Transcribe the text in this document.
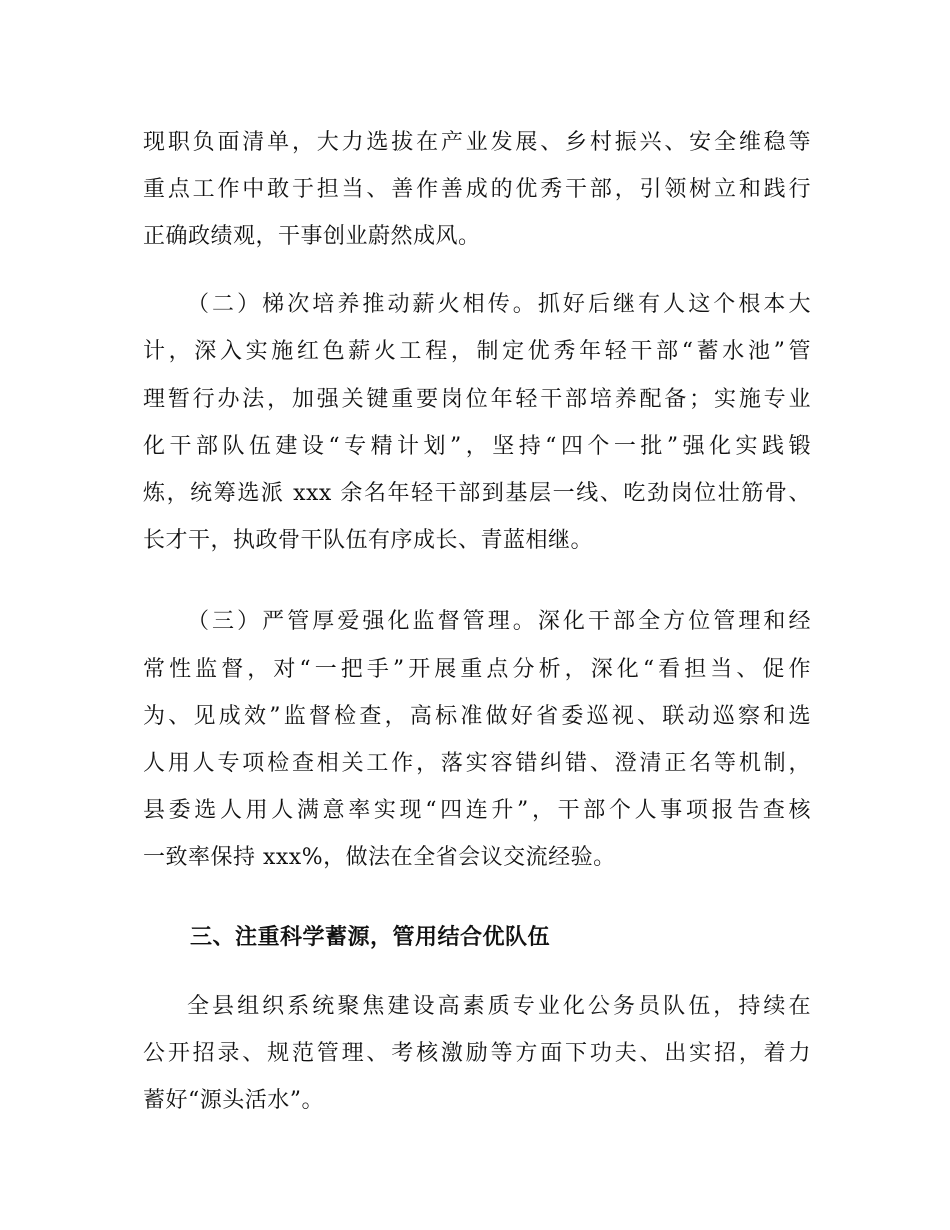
现职负面清单，大力选拔在产业发展、乡村振兴、安全维稳等
重点工作中敢于担当、善作善成的优秀干部，引领树立和践行
正确政绩观，干事创业蔚然成风。
（二）梯次培养推动薪火相传。抓好后继有人这个根本大
计，深入实施红色薪火工程，制定优秀年轻干部“蓄水池”管
理暂行办法，加强关键重要岗位年轻干部培养配备；实施专业
化干部队伍建设“专精计划”，坚持“四个一批”强化实践锻
炼，统筹选派 xxx 余名年轻干部到基层一线、吃劲岗位壮筋骨、
长才干，执政骨干队伍有序成长、青蓝相继。
（三）严管厚爱强化监督管理。深化干部全方位管理和经
常性监督，对“一把手”开展重点分析，深化“看担当、促作
为、见成效”监督检查，高标准做好省委巡视、联动巡察和选
人用人专项检查相关工作，落实容错纠错、澄清正名等机制，
县委选人用人满意率实现“四连升”，干部个人事项报告查核
一致率保持 xxx%，做法在全省会议交流经验。
三、注重科学蓄源，管用结合优队伍
全县组织系统聚焦建设高素质专业化公务员队伍，持续在
公开招录、规范管理、考核激励等方面下功夫、出实招，着力
蓄好“源头活水”。
